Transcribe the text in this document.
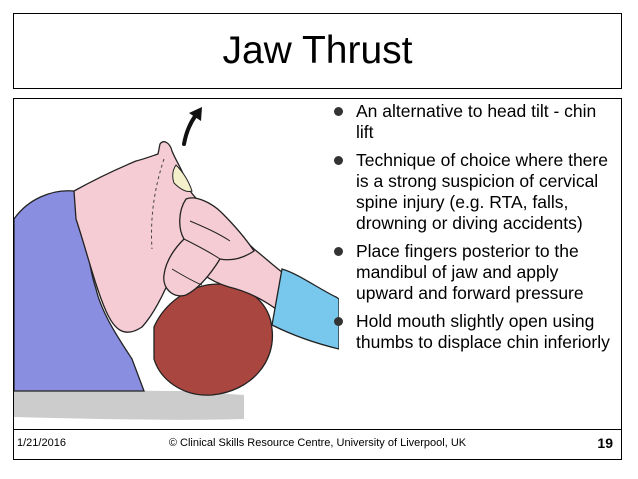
Jaw Thrust
An alternative to head tilt - chin lift
Technique of choice where there is a strong suspicion of cervical spine injury (e.g. RTA, falls, drowning or diving accidents)
Place fingers posterior to the mandibul of jaw and apply upward and forward pressure
Hold mouth slightly open using thumbs to displace chin inferiorly
1/21/2016	© Clinical Skills Resource Centre, University of Liverpool, UK	19
